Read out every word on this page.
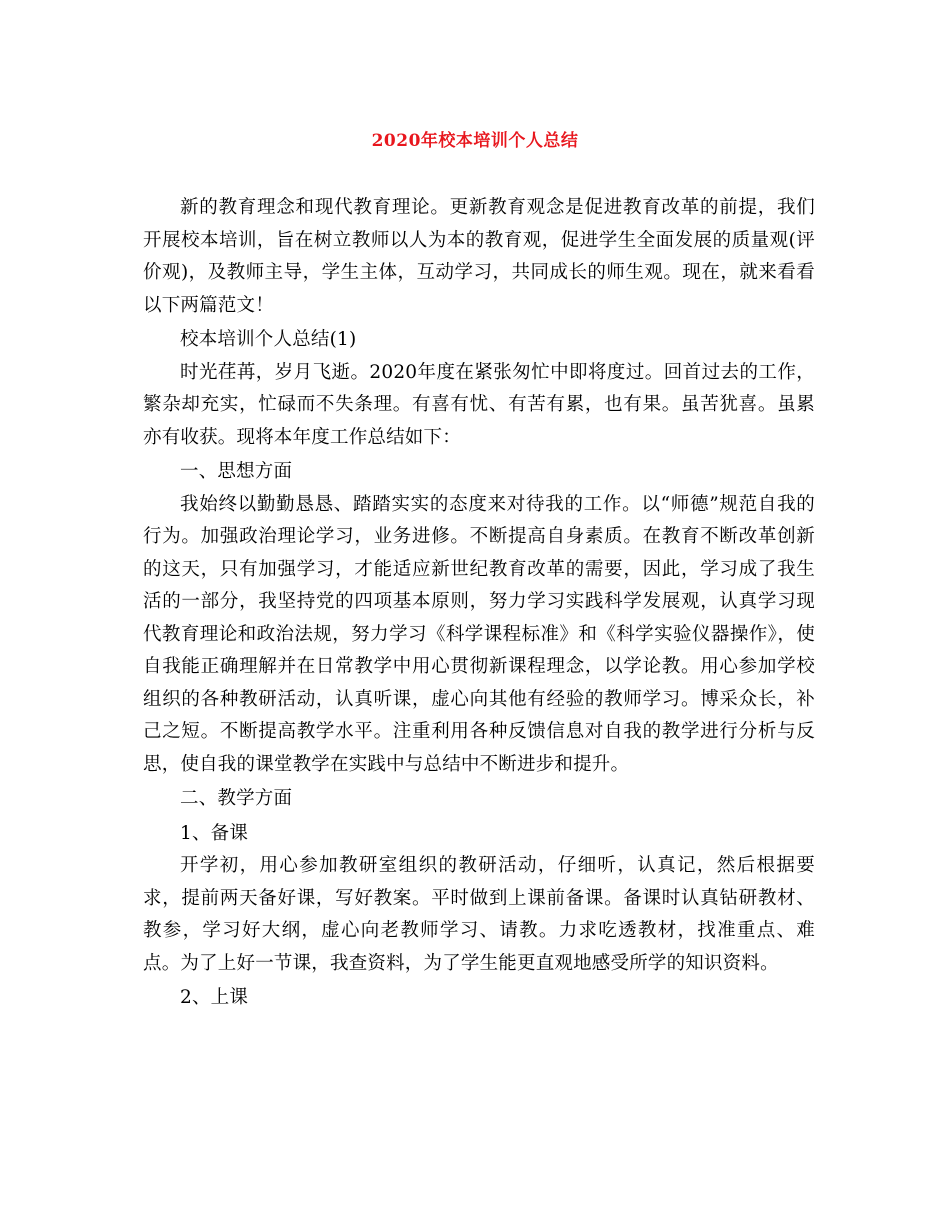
2020年校本培训个人总结

新的教育理念和现代教育理论。更新教育观念是促进教育改革的前提，我们开展校本培训，旨在树立教师以人为本的教育观，促进学生全面发展的质量观(评价观)，及教师主导，学生主体，互动学习，共同成长的师生观。现在，就来看看以下两篇范文！

校本培训个人总结(1)

时光荏苒，岁月飞逝。2020年度在紧张匆忙中即将度过。回首过去的工作，繁杂却充实，忙碌而不失条理。有喜有忧、有苦有累，也有果。虽苦犹喜。虽累亦有收获。现将本年度工作总结如下：

一、思想方面

我始终以勤勤恳恳、踏踏实实的态度来对待我的工作。以“师德”规范自我的行为。加强政治理论学习，业务进修。不断提高自身素质。在教育不断改革创新的这天，只有加强学习，才能适应新世纪教育改革的需要，因此，学习成了我生活的一部分，我坚持党的四项基本原则，努力学习实践科学发展观，认真学习现代教育理论和政治法规，努力学习《科学课程标准》和《科学实验仪器操作》，使自我能正确理解并在日常教学中用心贯彻新课程理念，以学论教。用心参加学校组织的各种教研活动，认真听课，虚心向其他有经验的教师学习。博采众长，补己之短。不断提高教学水平。注重利用各种反馈信息对自我的教学进行分析与反思，使自我的课堂教学在实践中与总结中不断进步和提升。

二、教学方面

1、备课

开学初，用心参加教研室组织的教研活动，仔细听，认真记，然后根据要求，提前两天备好课，写好教案。平时做到上课前备课。备课时认真钻研教材、教参，学习好大纲，虚心向老教师学习、请教。力求吃透教材，找准重点、难点。为了上好一节课，我查资料，为了学生能更直观地感受所学的知识资料。

2、上课
